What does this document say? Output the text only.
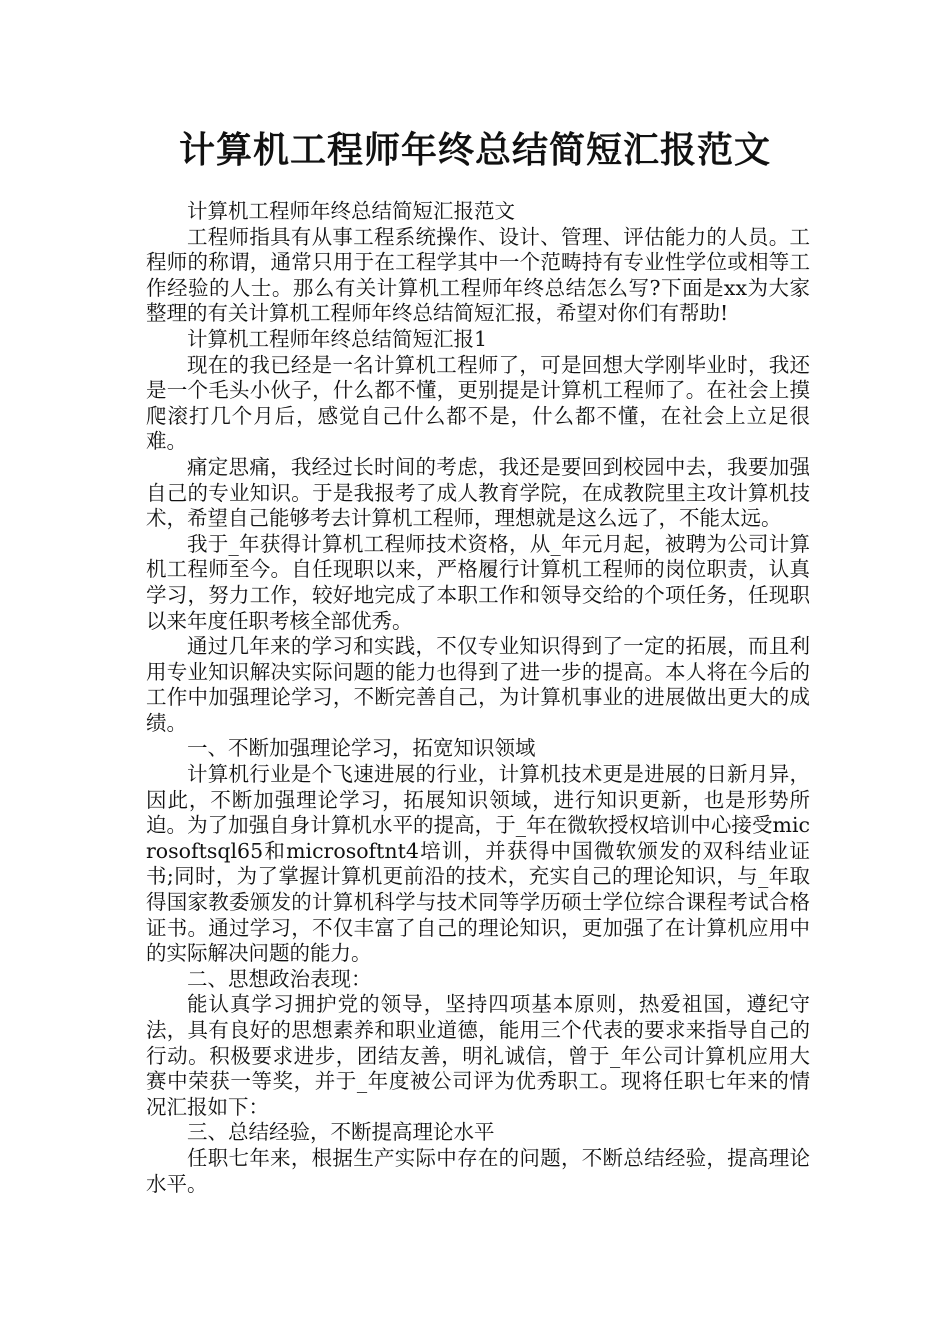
计算机工程师年终总结简短汇报范文

计算机工程师年终总结简短汇报范文

工程师指具有从事工程系统操作、设计、管理、评估能力的人员。工程师的称谓，通常只用于在工程学其中一个范畴持有专业性学位或相等工作经验的人士。那么有关计算机工程师年终总结怎么写?下面是xx为大家整理的有关计算机工程师年终总结简短汇报，希望对你们有帮助!

计算机工程师年终总结简短汇报1

现在的我已经是一名计算机工程师了，可是回想大学刚毕业时，我还是一个毛头小伙子，什么都不懂，更别提是计算机工程师了。在社会上摸爬滚打几个月后，感觉自己什么都不是，什么都不懂，在社会上立足很难。

痛定思痛，我经过长时间的考虑，我还是要回到校园中去，我要加强自己的专业知识。于是我报考了成人教育学院，在成教院里主攻计算机技术，希望自己能够考去计算机工程师，理想就是这么远了，不能太远。

我于_年获得计算机工程师技术资格，从_年元月起，被聘为公司计算机工程师至今。自任现职以来，严格履行计算机工程师的岗位职责，认真学习，努力工作，较好地完成了本职工作和领导交给的个项任务，任现职以来年度任职考核全部优秀。

通过几年来的学习和实践，不仅专业知识得到了一定的拓展，而且利用专业知识解决实际问题的能力也得到了进一步的提高。本人将在今后的工作中加强理论学习，不断完善自己，为计算机事业的进展做出更大的成绩。

一、不断加强理论学习，拓宽知识领域

计算机行业是个飞速进展的行业，计算机技术更是进展的日新月异，因此，不断加强理论学习，拓展知识领域，进行知识更新，也是形势所迫。为了加强自身计算机水平的提高，于_年在微软授权培训中心接受microsoftsql65和microsoftnt4培训，并获得中国微软颁发的双科结业证书;同时，为了掌握计算机更前沿的技术，充实自己的理论知识，与_年取得国家教委颁发的计算机科学与技术同等学历硕士学位综合课程考试合格证书。通过学习，不仅丰富了自己的理论知识，更加强了在计算机应用中的实际解决问题的能力。

二、思想政治表现：

能认真学习拥护党的领导，坚持四项基本原则，热爱祖国，遵纪守法，具有良好的思想素养和职业道德，能用三个代表的要求来指导自己的行动。积极要求进步，团结友善，明礼诚信，曾于_年公司计算机应用大赛中荣获一等奖，并于_年度被公司评为优秀职工。现将任职七年来的情况汇报如下：

三、总结经验，不断提高理论水平

任职七年来，根据生产实际中存在的问题，不断总结经验，提高理论水平。
